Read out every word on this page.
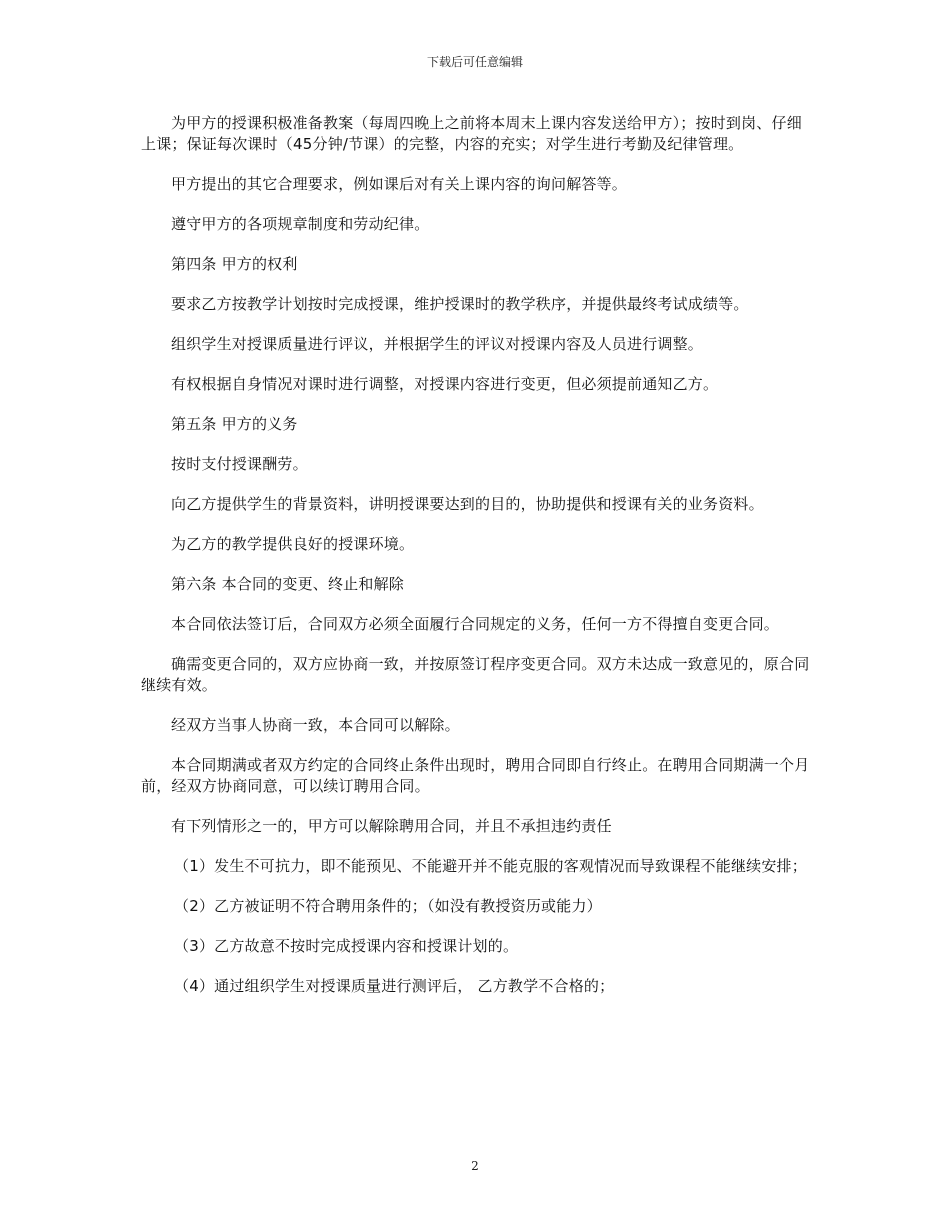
下载后可任意编辑

为甲方的授课积极准备教案（每周四晚上之前将本周末上课内容发送给甲方）；按时到岗、仔细上课；保证每次课时（45分钟/节课）的完整，内容的充实；对学生进行考勤及纪律管理。

甲方提出的其它合理要求，例如课后对有关上课内容的询问解答等。

遵守甲方的各项规章制度和劳动纪律。

第四条 甲方的权利

要求乙方按教学计划按时完成授课，维护授课时的教学秩序，并提供最终考试成绩等。

组织学生对授课质量进行评议，并根据学生的评议对授课内容及人员进行调整。

有权根据自身情况对课时进行调整，对授课内容进行变更，但必须提前通知乙方。

第五条 甲方的义务

按时支付授课酬劳。

向乙方提供学生的背景资料，讲明授课要达到的目的，协助提供和授课有关的业务资料。

为乙方的教学提供良好的授课环境。

第六条 本合同的变更、终止和解除

本合同依法签订后，合同双方必须全面履行合同规定的义务，任何一方不得擅自变更合同。

确需变更合同的，双方应协商一致，并按原签订程序变更合同。双方未达成一致意见的，原合同继续有效。

经双方当事人协商一致，本合同可以解除。

本合同期满或者双方约定的合同终止条件出现时，聘用合同即自行终止。在聘用合同期满一个月前，经双方协商同意，可以续订聘用合同。

有下列情形之一的，甲方可以解除聘用合同，并且不承担违约责任

（1）发生不可抗力，即不能预见、不能避开并不能克服的客观情况而导致课程不能继续安排；

（2）乙方被证明不符合聘用条件的；（如没有教授资历或能力）

（3）乙方故意不按时完成授课内容和授课计划的。

（4）通过组织学生对授课质量进行测评后， 乙方教学不合格的；

2
